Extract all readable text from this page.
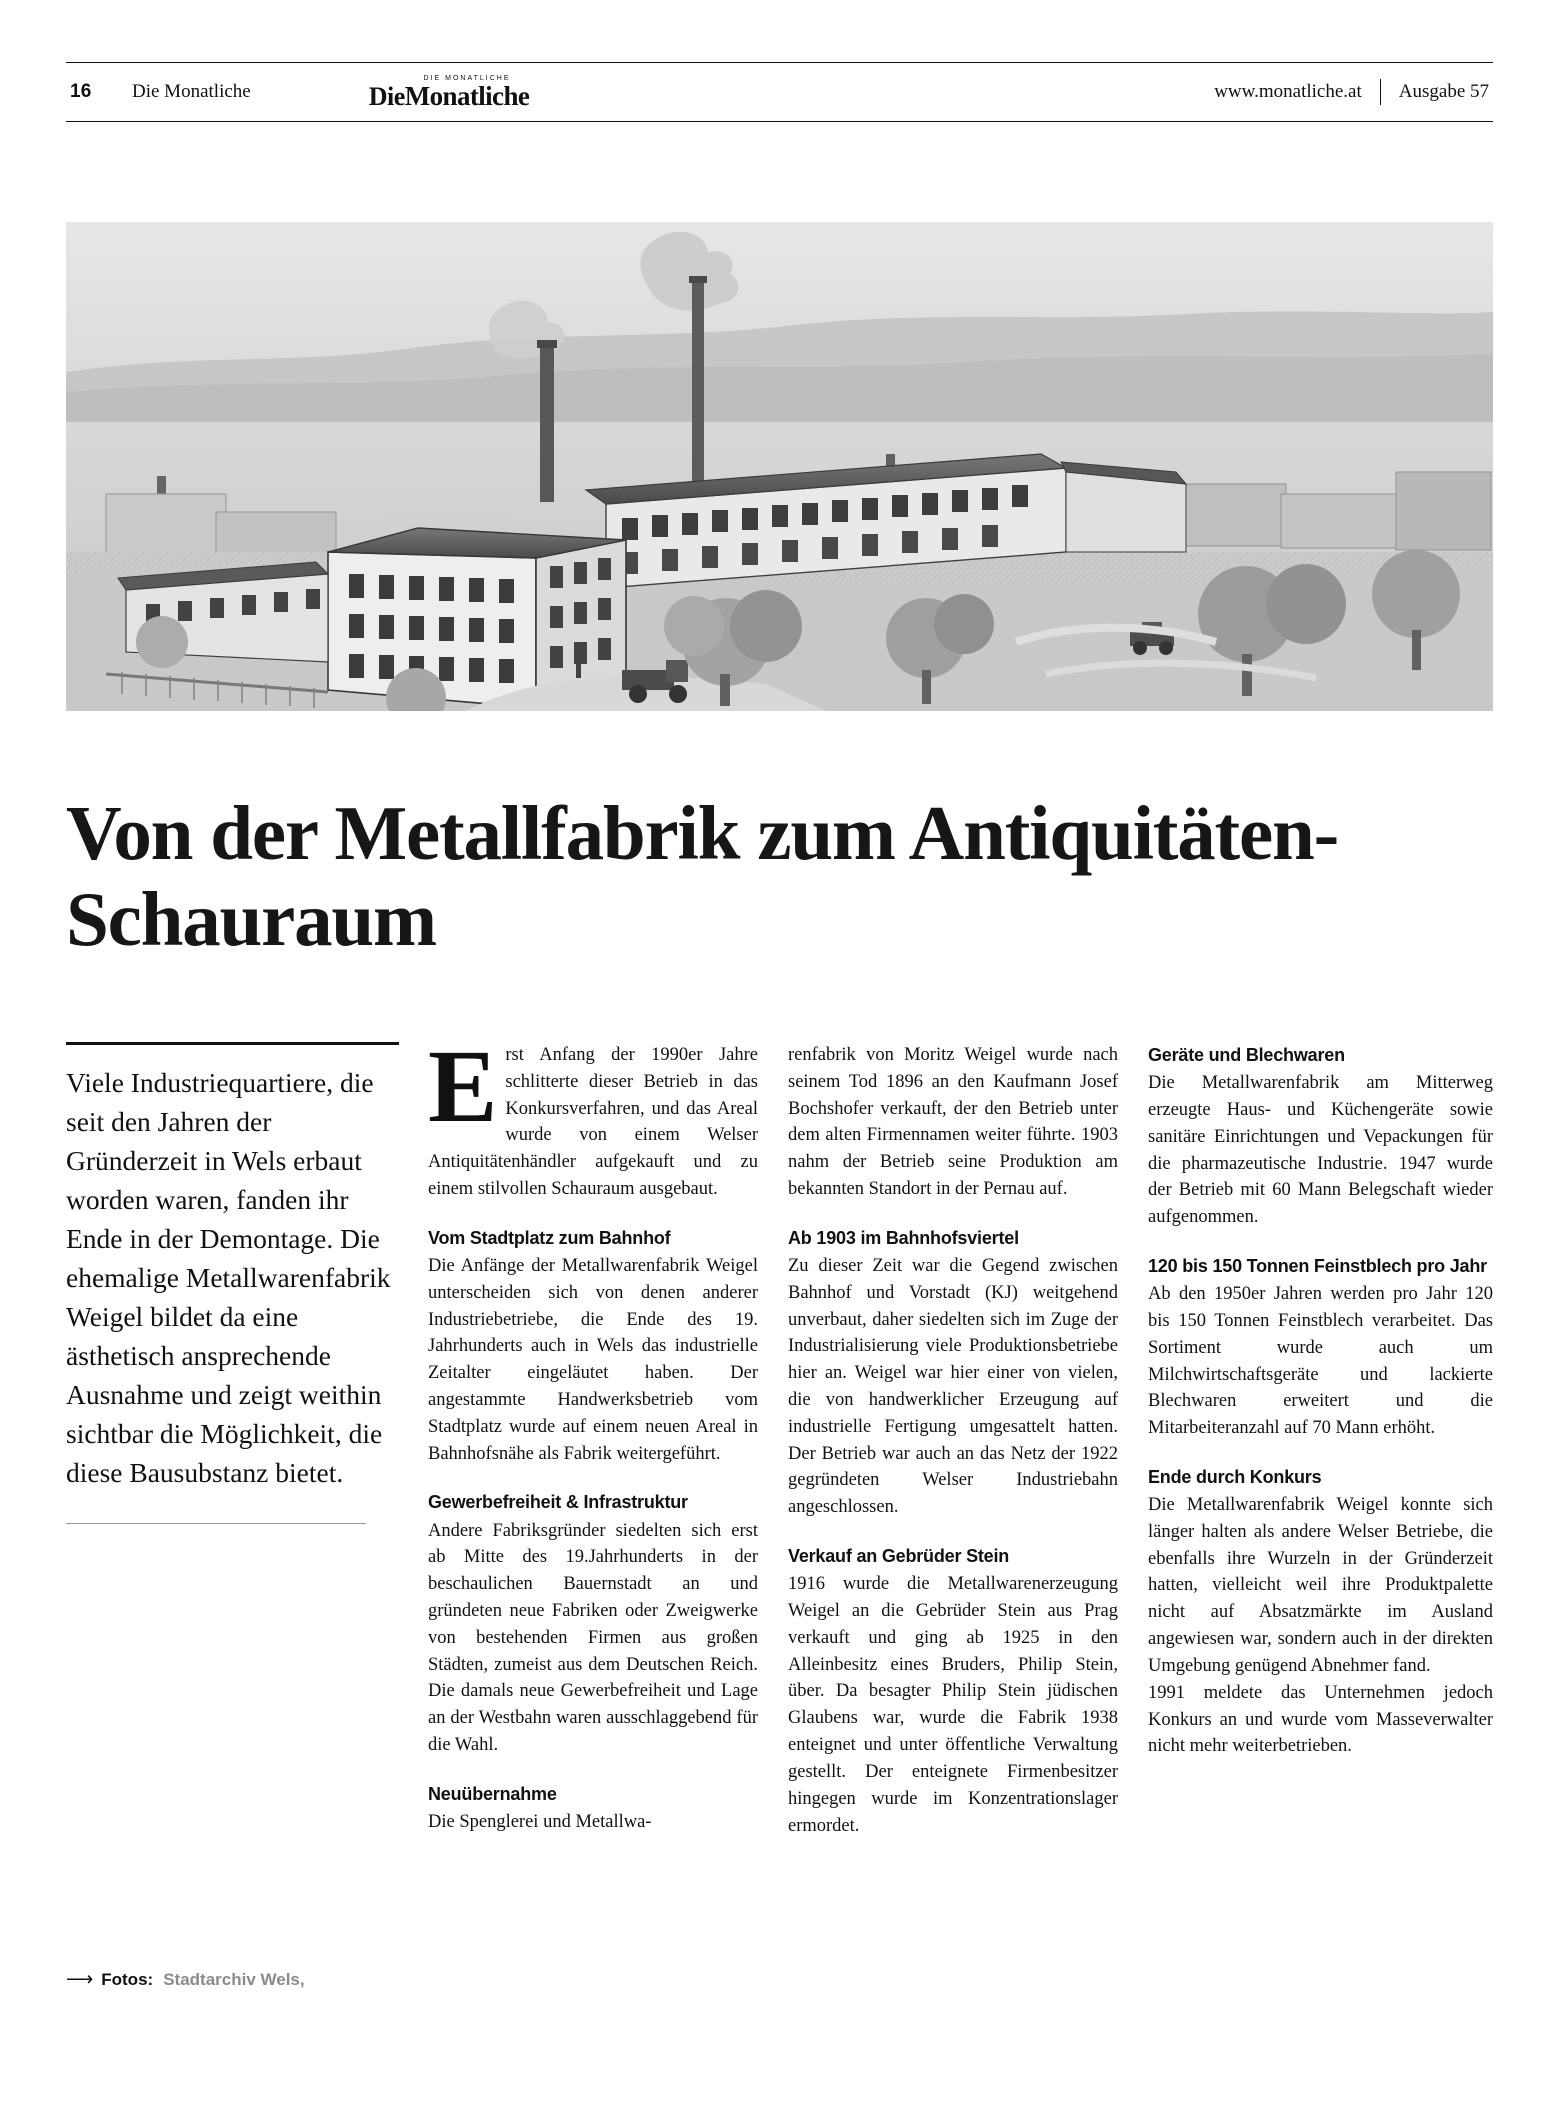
16	Die Monatliche	Die
DIE MONATLICHE
Monatliche	www.monatliche.at	Ausgabe 57
Von der Metallfabrik zum Antiquitäten-Schauraum

Viele Industriequartiere, die seit den Jahren der Gründerzeit in Wels erbaut worden waren, fanden ihr Ende in der Demontage. Die ehemalige Metallwarenfabrik Weigel bildet da eine ästhetisch ansprechende Ausnahme und zeigt weithin sichtbar die Möglichkeit, die diese Bausubstanz bietet.

⟶ Fotos: Stadtarchiv Wels,

Erst Anfang der 1990er Jahre schlitterte dieser Betrieb in das Konkursverfahren, und das Areal wurde von einem Welser Antiquitätenhändler aufgekauft und zu einem stilvollen Schauraum ausgebaut.

Vom Stadtplatz zum Bahnhof

Die Anfänge der Metallwarenfabrik Weigel unterscheiden sich von denen anderer Industriebetriebe, die Ende des 19. Jahrhunderts auch in Wels das industrielle Zeitalter eingeläutet haben. Der angestammte Handwerksbetrieb vom Stadtplatz wurde auf einem neuen Areal in Bahnhofsnähe als Fabrik weitergeführt.

Gewerbefreiheit & Infrastruktur

Andere Fabriksgründer siedelten sich erst ab Mitte des 19.Jahrhunderts in der beschaulichen Bauernstadt an und gründeten neue Fabriken oder Zweigwerke von bestehenden Firmen aus großen Städten, zumeist aus dem Deutschen Reich. Die damals neue Gewerbefreiheit und Lage an der Westbahn waren ausschlaggebend für die Wahl.

Neuübernahme

Die Spenglerei und Metallwa-

renfabrik von Moritz Weigel wurde nach seinem Tod 1896 an den Kaufmann Josef Bochshofer verkauft, der den Betrieb unter dem alten Firmennamen weiter führte. 1903 nahm der Betrieb seine Produktion am bekannten Standort in der Pernau auf.

Ab 1903 im Bahnhofsviertel

Zu dieser Zeit war die Gegend zwischen Bahnhof und Vorstadt (KJ) weitgehend unverbaut, daher siedelten sich im Zuge der Industrialisierung viele Produktionsbetriebe hier an. Weigel war hier einer von vielen, die von handwerklicher Erzeugung auf industrielle Fertigung umgesattelt hatten. Der Betrieb war auch an das Netz der 1922 gegründeten Welser Industriebahn angeschlossen.

Verkauf an Gebrüder Stein

1916 wurde die Metallwarenerzeugung Weigel an die Gebrüder Stein aus Prag verkauft und ging ab 1925 in den Alleinbesitz eines Bruders, Philip Stein, über. Da besagter Philip Stein jüdischen Glaubens war, wurde die Fabrik 1938 enteignet und unter öffentliche Verwaltung gestellt. Der enteignete Firmenbesitzer hingegen wurde im Konzentrationslager ermordet.

Geräte und Blechwaren

Die Metallwarenfabrik am Mitterweg erzeugte Haus- und Küchengeräte sowie sanitäre Einrichtungen und Vepackungen für die pharmazeutische Industrie. 1947 wurde der Betrieb mit 60 Mann Belegschaft wieder aufgenommen.

120 bis 150 Tonnen Feinstblech pro Jahr

Ab den 1950er Jahren werden pro Jahr 120 bis 150 Tonnen Feinstblech verarbeitet. Das Sortiment wurde auch um Milchwirtschaftsgeräte und lackierte Blechwaren erweitert und die Mitarbeiteranzahl auf 70 Mann erhöht.

Ende durch Konkurs

Die Metallwarenfabrik Weigel konnte sich länger halten als andere Welser Betriebe, die ebenfalls ihre Wurzeln in der Gründerzeit hatten, vielleicht weil ihre Produktpalette nicht auf Absatzmärkte im Ausland angewiesen war, sondern auch in der direkten Umgebung genügend Abnehmer fand.

1991 meldete das Unternehmen jedoch Konkurs an und wurde vom Masseverwalter nicht mehr weiterbetrieben.
